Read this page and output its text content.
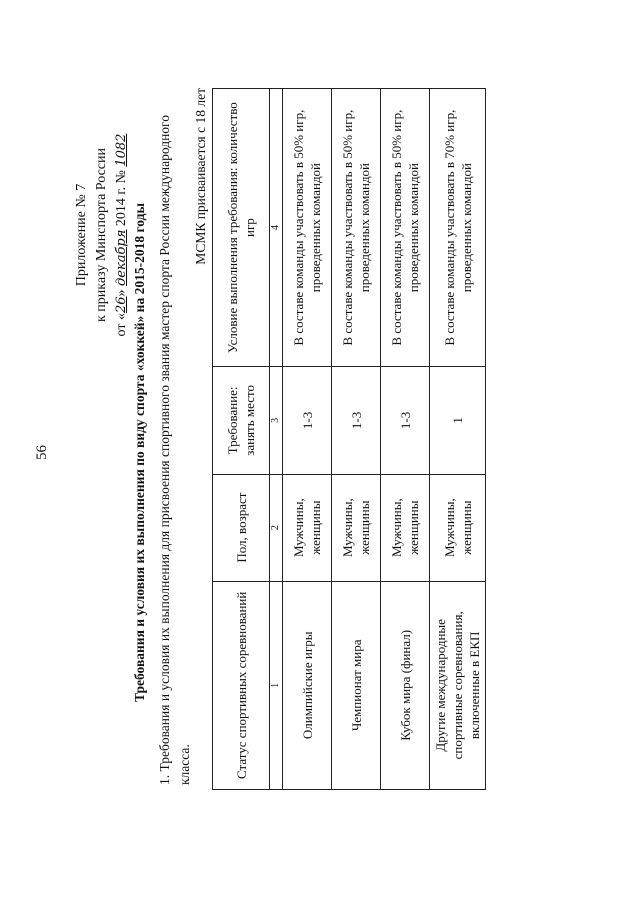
56
Приложение № 7 к приказу Минспорта России
от «26» декабря 2014 г. № 1082
Требования и условия их выполнения по виду спорта «хоккей» на 2015-2018 годы 1. Требования и условия их выполнения для присвоения спортивного звания мастер спорта России международного класса.
МСМК присваивается с 18 лет
Статус спортивных соревнований	Пол, возраст	Требование: занять место	Условие выполнения требования: количество игр
1	2	3	4
Олимпийские игры	Мужчины, женщины	1-3	В составе команды участвовать в 50% игр, проведенных командой
Чемпионат мира	Мужчины, женщины	1-3	В составе команды участвовать в 50% игр, проведенных командой
Кубок мира (финал)	Мужчины, женщины	1-3	В составе команды участвовать в 50% игр, проведенных командой
Другие международные спортивные соревнования, включенные в ЕКП	Мужчины, женщины	1	В составе команды участвовать в 70% игр, проведенных командой
